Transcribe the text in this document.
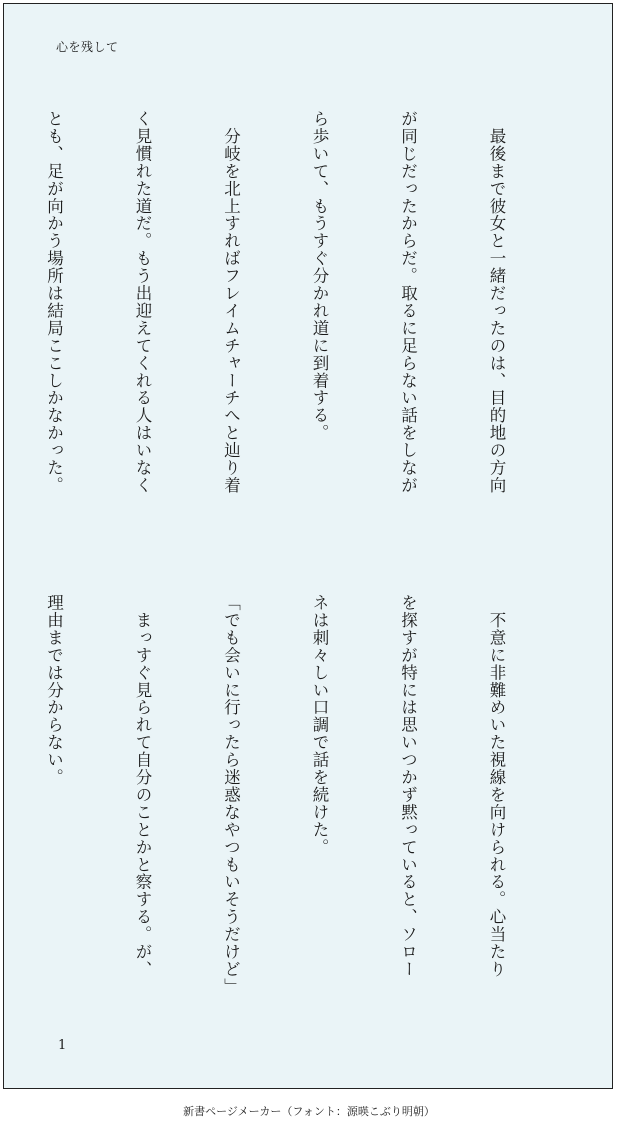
心を残して

　最後まで彼女と一緒だったのは、目的地の方向

が同じだったからだ。取るに足らない話をしなが

ら歩いて、もうすぐ分かれ道に到着する。

　分岐を北上すればフレイムチャーチへと辿り着

く見慣れた道だ。もう出迎えてくれる人はいなく

とも、足が向かう場所は結局ここしかなかった。

　不意に非難めいた視線を向けられる。心当たり

を探すが特には思いつかず黙っていると、ソロー

ネは刺々しい口調で話を続けた。

「でも会いに行ったら迷惑なやつもいそうだけど」

　まっすぐ見られて自分のことかと察する。が、

理由までは分からない。

1
新書ページメーカー（フォント：源暎こぶり明朝）
